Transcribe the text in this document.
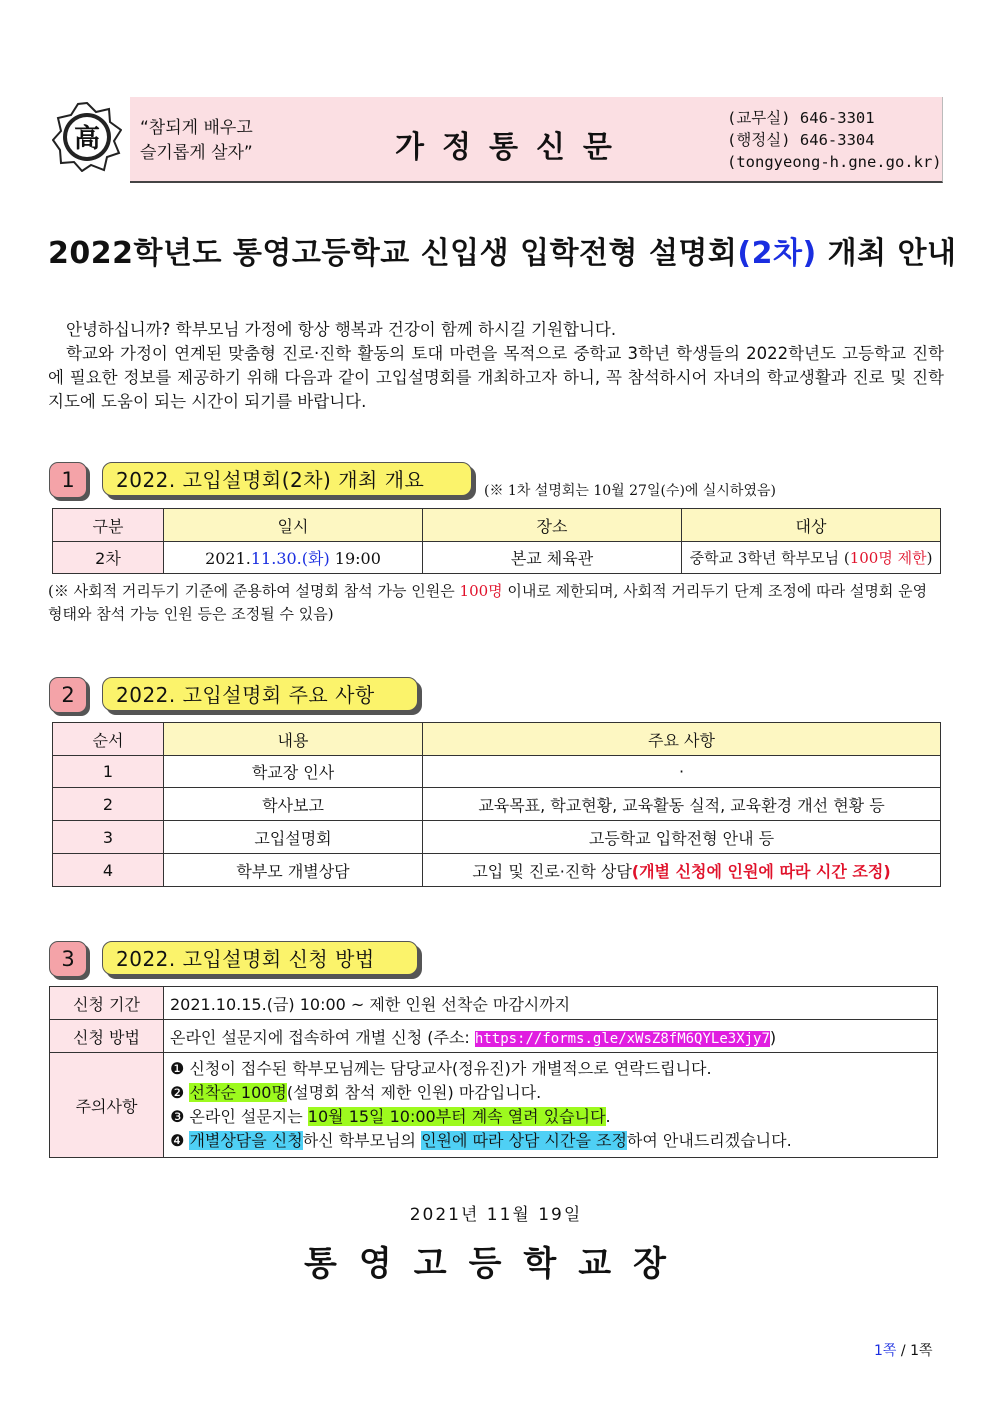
高 “참되게 배우고
슬기롭게 살자”	가정통신문
(교무실) 646-3301
(행정실) 646-3304
(tongyeong-h.gne.go.kr)
2022학년도 통영고등학교 신입생 입학전형 설명회(2차) 개최 안내

안녕하십니까? 학부모님 가정에 항상 행복과 건강이 함께 하시길 기원합니다.

학교와 가정이 연계된 맞춤형 진로·진학 활동의 토대 마련을 목적으로 중학교 3학년 학생들의 2022학년도 고등학교 진학에 필요한 정보를 제공하기 위해 다음과 같이 고입설명회를 개최하고자 하니, 꼭 참석하시어 자녀의 학교생활과 진로 및 진학 지도에 도움이 되는 시간이 되기를 바랍니다.

1	2022. 고입설명회(2차) 개최 개요	(※ 1차 설명회는 10월 27일(수)에 실시하였음)
구분	일시	장소	대상
2차	2021.11.30.(화) 19:00	본교 체육관	중학교 3학년 학부모님 (100명 제한)
(※ 사회적 거리두기 기준에 준용하여 설명회 참석 가능 인원은 100명 이내로 제한되며, 사회적 거리두기 단계 조정에 따라 설명회 운영 형태와 참석 가능 인원 등은 조정될 수 있음)
2	2022. 고입설명회 주요 사항
순서	내용	주요 사항
1	학교장 인사	·
2	학사보고	교육목표, 학교현황, 교육활동 실적, 교육환경 개선 현황 등
3	고입설명회	고등학교 입학전형 안내 등
4	학부모 개별상담	고입 및 진로·진학 상담(개별 신청에 인원에 따라 시간 조정)
3	2022. 고입설명회 신청 방법
신청 기간	2021.10.15.(금) 10:00 ~ 제한 인원 선착순 마감시까지
신청 방법	온라인 설문지에 접속하여 개별 신청 (주소: https://forms.gle/xWsZ8fM6QYLe3Xjy7)
주의사항	❶ 신청이 접수된 학부모님께는 담당교사(정유진)가 개별적으로 연락드립니다.
❷ 선착순 100명(설명회 참석 제한 인원) 마감입니다.
❸ 온라인 설문지는 10월 15일 10:00부터 계속 열려 있습니다.
❹ 개별상담을 신청하신 학부모님의 인원에 따라 상담 시간을 조정하여 안내드리겠습니다.
2021년 11월 19일
통영고등학교장
1쪽 / 1쪽
